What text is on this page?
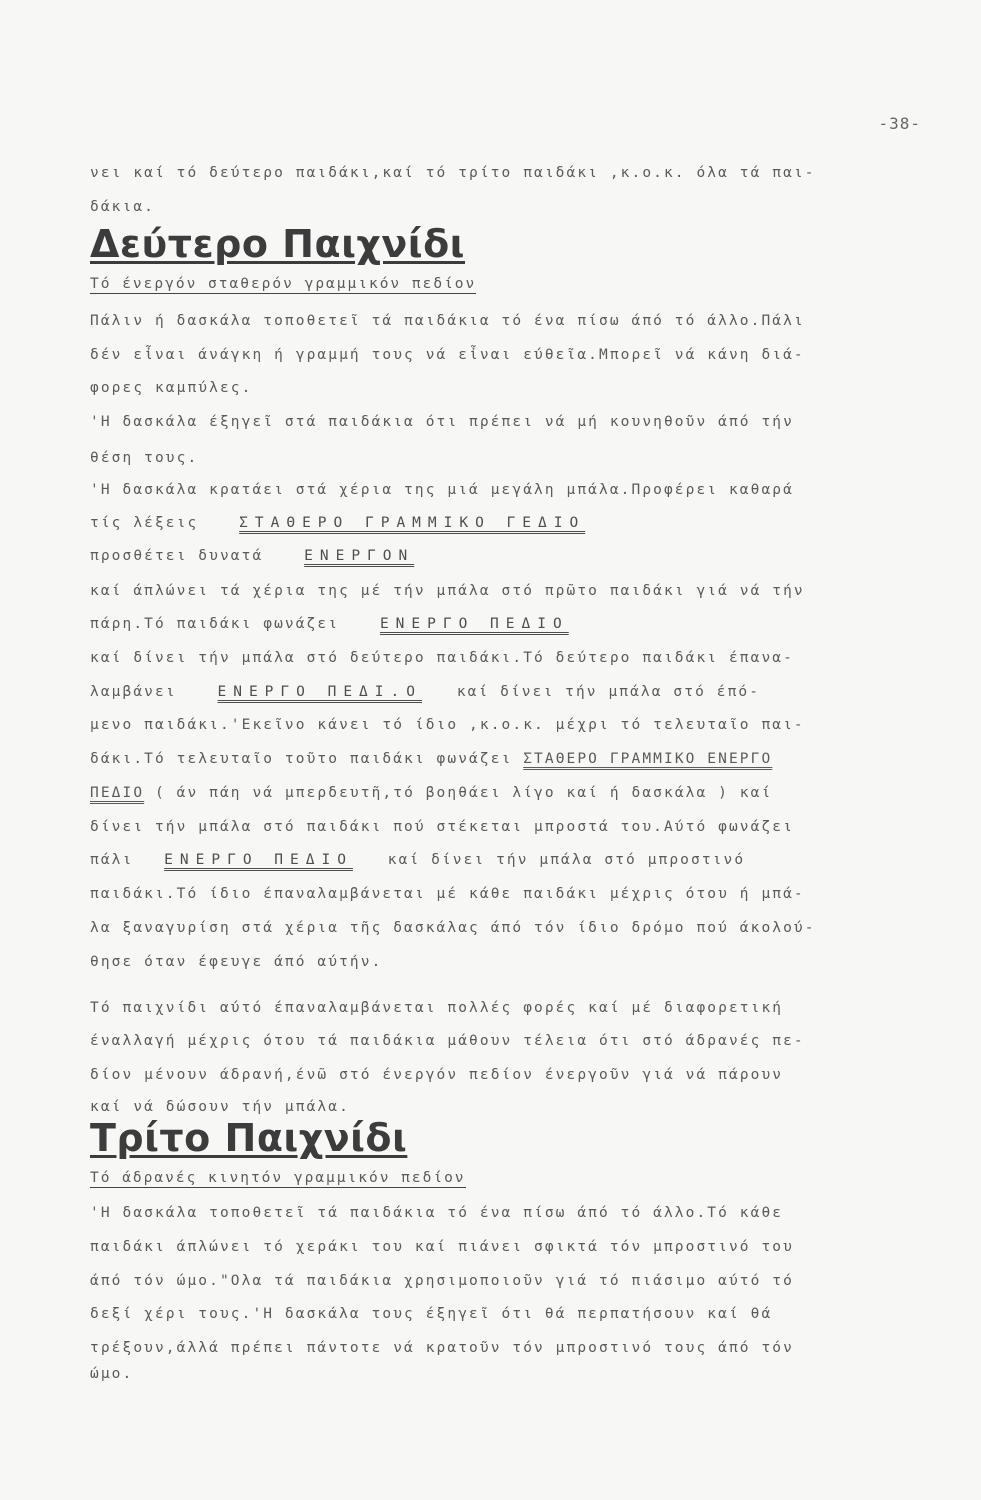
-38-
νει καί τό δεύτερο παιδάκι,καί τό τρίτο παιδάκι ,κ.ο.κ. όλα τά παι-
δάκια.
Δεύτερο Παιχνίδι
Τό ένεργόν σταθερόν γραμμικόν πεδίον
Πάλιν ή δασκάλα τοποθετεῖ τά παιδάκια τό ένα πίσω άπό τό άλλο.Πάλι
δέν εἶναι άνάγκη ή γραμμή τους νά εἶναι εύθεῖα.Μπορεῖ νά κάνη διά-
φορες καμπύλες.
'Η δασκάλα έξηγεῖ στά παιδάκια ότι πρέπει νά μή κουνηθοῦν άπό τήν
θέση τους.
'Η δασκάλα κρατάει στά χέρια της μιά μεγάλη μπάλα.Προφέρει καθαρά
τίς λέξεις	ΣΤΑΘΕΡΟ ΓΡΑΜΜΙΚΟ ΓΕΔΙΟ
προσθέτει δυνατά	ΕΝΕΡΓΟΝ
καί άπλώνει τά χέρια της μέ τήν μπάλα στό πρῶτο παιδάκι γιά νά τήν
πάρη.Τό παιδάκι φωνάζει	ΕΝΕΡΓΟ ΠΕΔΙΟ
καί δίνει τήν μπάλα στό δεύτερο παιδάκι.Τό δεύτερο παιδάκι έπανα-
λαμβάνει	ΕΝΕΡΓΟ ΠΕΔΙ.Ο καί δίνει τήν μπάλα στό έπό-
μενο παιδάκι.'Εκεῖνο κάνει τό ίδιο ,κ.ο.κ. μέχρι τό τελευταῖο παι-
δάκι.Τό τελευταῖο τοῦτο παιδάκι φωνάζει ΣΤΑΘΕΡΟ ΓΡΑΜΜΙΚΟ ΕΝΕΡΓΟ
ΠΕΔΙΟ ( άν πάη νά μπερδευτῆ,τό βοηθάει λίγο καί ή δασκάλα ) καί
δίνει τήν μπάλα στό παιδάκι πού στέκεται μπροστά του.Αύτό φωνάζει
πάλι ΕΝΕΡΓΟ ΠΕΔΙΟ καί δίνει τήν μπάλα στό μπροστινό
παιδάκι.Τό ίδιο έπαναλαμβάνεται μέ κάθε παιδάκι μέχρις ότου ή μπά-
λα ξαναγυρίση στά χέρια τῆς δασκάλας άπό τόν ίδιο δρόμο πού άκολού-
θησε όταν έφευγε άπό αύτήν.
Τό παιχνίδι αύτό έπαναλαμβάνεται πολλές φορές καί μέ διαφορετική
έναλλαγή μέχρις ότου τά παιδάκια μάθουν τέλεια ότι στό άδρανές πε-
δίον μένουν άδρανή,ένῶ στό ένεργόν πεδίον ένεργοῦν γιά νά πάρουν
καί νά δώσουν τήν μπάλα.
Τρίτο Παιχνίδι
Τό άδρανές κινητόν γραμμικόν πεδίον
'Η δασκάλα τοποθετεῖ τά παιδάκια τό ένα πίσω άπό τό άλλο.Τό κάθε
παιδάκι άπλώνει τό χεράκι του καί πιάνει σφικτά τόν μπροστινό του
άπό τόν ώμο."Ολα τά παιδάκια χρησιμοποιοῦν γιά τό πιάσιμο αύτό τό
δεξί χέρι τους.'Η δασκάλα τους έξηγεῖ ότι θά περπατήσουν καί θά
τρέξουν,άλλά πρέπει πάντοτε νά κρατοῦν τόν μπροστινό τους άπό τόν
ώμο.
